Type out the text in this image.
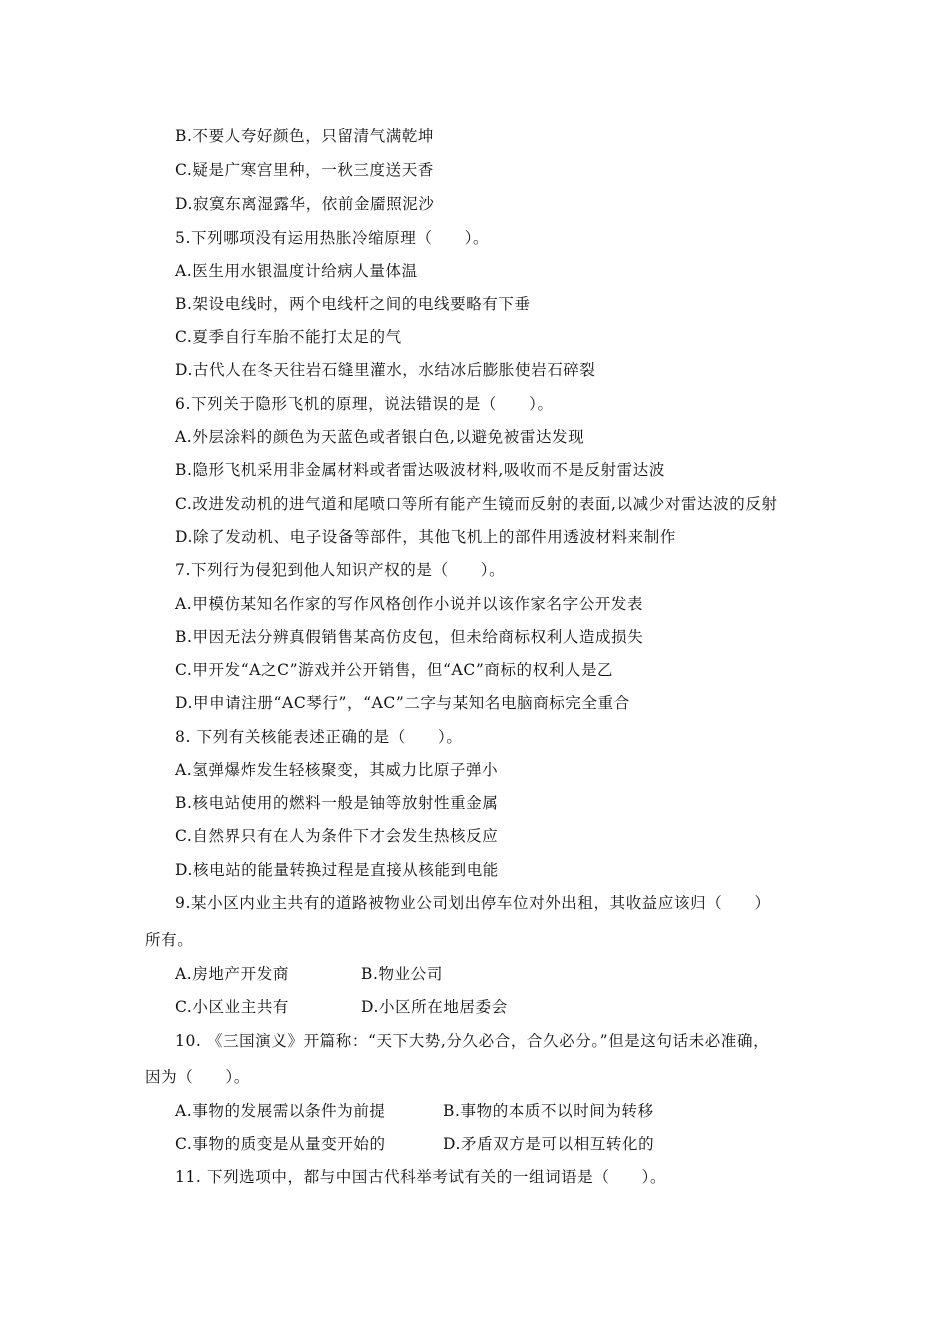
B.不要人夸好颜色，只留清气满乾坤
C.疑是广寒宫里种，一秋三度送天香
D.寂寞东离湿露华，依前金靥照泥沙
5.下列哪项没有运用热胀冷缩原理（　　）。
A.医生用水银温度计给病人量体温
B.架设电线时，两个电线杆之间的电线要略有下垂
C.夏季自行车胎不能打太足的气
D.古代人在冬天往岩石缝里灌水，水结冰后膨胀使岩石碎裂
6.下列关于隐形飞机的原理，说法错误的是（　　）。
A.外层涂料的颜色为天蓝色或者银白色,以避免被雷达发现
B.隐形飞机采用非金属材料或者雷达吸波材料,吸收而不是反射雷达波
C.改进发动机的进气道和尾喷口等所有能产生镜而反射的表面,以减少对雷达波的反射
D.除了发动机、电子设备等部件，其他飞机上的部件用透波材料来制作
7.下列行为侵犯到他人知识产权的是（　　）。
A.甲模仿某知名作家的写作风格创作小说并以该作家名字公开发表
B.甲因无法分辨真假销售某高仿皮包，但未给商标权利人造成损失
C.甲开发“A之C”游戏并公开销售，但“AC”商标的权利人是乙
D.甲申请注册“AC琴行”，“AC”二字与某知名电脑商标完全重合
8. 下列有关核能表述正确的是（　　）。
A.氢弹爆炸发生轻核聚变，其威力比原子弹小
B.核电站使用的燃料一般是铀等放射性重金属
C.自然界只有在人为条件下才会发生热核反应
D.核电站的能量转换过程是直接从核能到电能
9.某小区内业主共有的道路被物业公司划出停车位对外出租，其收益应该归（　　）
所有。
A.房地产开发商	B.物业公司
C.小区业主共有	D.小区所在地居委会
10. 《三国演义》开篇称：“天下大势,分久必合，合久必分。”但是这句话未必准确，
因为（　　）。
A.事物的发展需以条件为前提	B.事物的本质不以时间为转移
C.事物的质变是从量变开始的	D.矛盾双方是可以相互转化的
11. 下列选项中，都与中国古代科举考试有关的一组词语是（　　）。
